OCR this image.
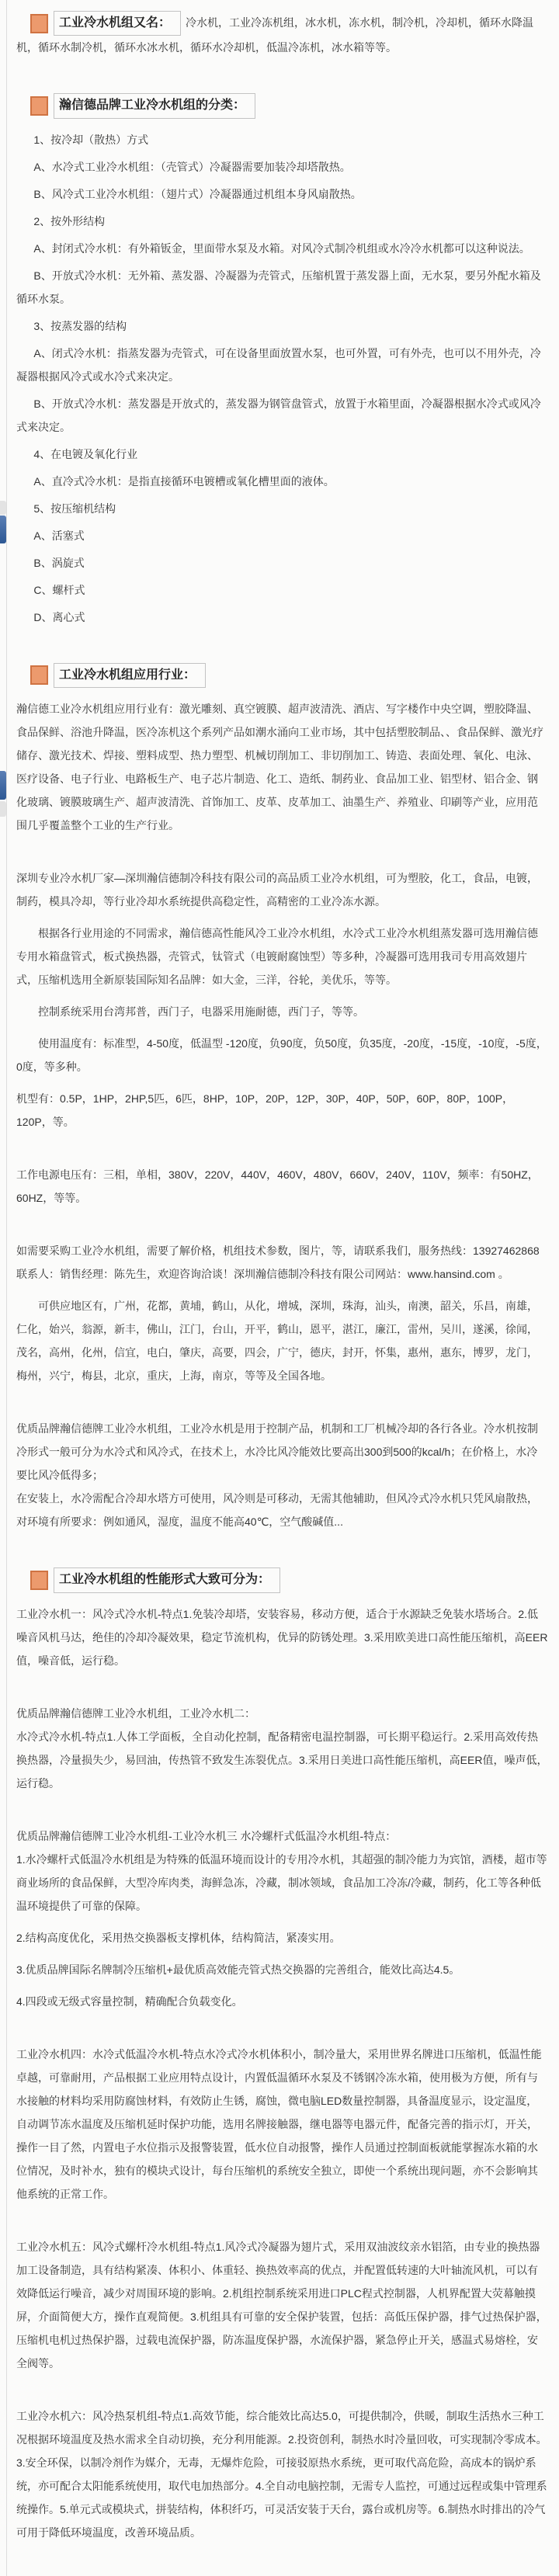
工业冷水机组又名： 冷水机，工业冷冻机组，冰水机，冻水机，制冷机，冷却机，循环水降温机，循环水制冷机，循环水冰水机，循环水冷却机，低温冷冻机，冰水箱等等。
瀚信德品牌工业冷水机组的分类：
1、按冷却（散热）方式
A、水冷式工业冷水机组：（壳管式）冷凝器需要加装冷却塔散热。
B、风冷式工业冷水机组：（翅片式）冷凝器通过机组本身风扇散热。
2、按外形结构
A、封闭式冷水机：有外箱钣金，里面带水泵及水箱。对风冷式制冷机组或水冷冷水机都可以这种说法。
B、开放式冷水机：无外箱、蒸发器、冷凝器为壳管式，压缩机置于蒸发器上面，无水泵，要另外配水箱及循环水泵。
3、按蒸发器的结构
A、闭式冷水机：指蒸发器为壳管式，可在设备里面放置水泵，也可外置，可有外壳，也可以不用外壳，冷凝器根据风冷式或水冷式来决定。
B、开放式冷水机：蒸发器是开放式的，蒸发器为钢管盘管式，放置于水箱里面，冷凝器根据水冷式或风冷式来决定。
4、在电镀及氧化行业
A、直冷式冷水机：是指直接循环电镀槽或氧化槽里面的液体。
5、按压缩机结构
A、活塞式
B、涡旋式
C、螺杆式
D、离心式
工业冷水机组应用行业：

瀚信德工业冷水机组应用行业有：激光雕刻、真空镀膜、超声波清洗、酒店、写字楼作中央空调，塑胶降温、食品保鲜、浴池升降温，医冷冻机这个系列产品如潮水涌向工业市场，其中包括塑胶制品、、食品保鲜、激光疗储存、激光技术、焊接、塑料成型、热力塑型、机械切削加工、非切削加工、铸造、表面处理、氧化、电泳、医疗设备、电子行业、电路板生产、电子芯片制造、化工、造纸、制药业、食品加工业、铝型材、铝合金、钢化玻璃、镀膜玻璃生产、超声波清洗、首饰加工、皮革、皮革加工、油墨生产、养殖业、印刷等产业，应用范围几乎覆盖整个工业的生产行业。

深圳专业冷水机厂家—深圳瀚信德制冷科技有限公司的高品质工业冷水机组，可为塑胶，化工，食品，电镀，制药，模具冷却，等行业冷却水系统提供高稳定性，高精密的工业冷冻水源。

根据各行业用途的不同需求，瀚信德高性能风冷工业冷水机组，水冷式工业冷水机组蒸发器可选用瀚信德专用水箱盘管式，板式换热器，壳管式，钛管式（电镀耐腐蚀型）等多种，冷凝器可选用我司专用高效翅片式，压缩机选用全新原装国际知名品牌：如大金，三洋，谷轮，美优乐，等等。

控制系统采用台湾邦普，西门子，电器采用施耐德，西门子，等等。

使用温度有：标准型，4-50度，低温型 -120度，负90度，负50度，负35度，-20度，-15度，-10度，-5度，0度，等多种。

机型有：0.5P，1HP，2HP,5匹，6匹，8HP，10P，20P，12P，30P，40P，50P，60P，80P，100P，120P，等。

工作电源电压有：三相，单相，380V，220V，440V，460V，480V，660V，240V，110V，频率：有50HZ，60HZ，等等。

如需要采购工业冷水机组，需要了解价格，机组技术参数，图片，等，请联系我们，服务热线：13927462868 联系人：销售经理：陈先生，欢迎咨询洽谈！深圳瀚信德制冷科技有限公司网站：www.hansind.com 。

可供应地区有，广州，花都，黄埔，鹤山，从化，增城，深圳，珠海，汕头，南澳，韶关，乐昌，南雄，仁化，始兴，翁源，新丰，佛山，江门，台山，开平，鹤山，恩平，湛江，廉江，雷州，吴川，遂溪，徐闻，茂名，高州，化州，信宜，电白，肇庆，高要，四会，广宁，德庆，封开，怀集，惠州，惠东，博罗，龙门，梅州，兴宁，梅县，北京，重庆，上海，南京，等等及全国各地。

优质品牌瀚信德牌工业冷水机组，工业冷水机是用于控制产品，机制和工厂机械冷却的各行各业。冷水机按制冷形式一般可分为水冷式和风冷式，在技术上，水冷比风冷能效比要高出300到500的kcal/h；在价格上，水冷要比风冷低得多；

在安装上，水冷需配合冷却水塔方可使用，风冷则是可移动，无需其他辅助，但风冷式冷水机只凭风扇散热，对环境有所要求：例如通风，湿度，温度不能高40℃，空气酸碱值...

工业冷水机组的性能形式大致可分为：

工业冷水机一：风冷式冷水机-特点1.免装冷却塔，安装容易，移动方便，适合于水源缺乏免装水塔场合。2.低噪音风机马达，绝佳的冷却冷凝效果，稳定节流机构，优异的防锈处理。3.采用欧美进口高性能压缩机，高EER值，噪音低，运行稳。

优质品牌瀚信德牌工业冷水机组，工业冷水机二：

水冷式冷水机-特点1.人体工学面板，全自动化控制，配备精密电温控制器，可长期平稳运行。2.采用高效传热换热器，冷量损失少，易回油，传热管不致发生冻裂优点。3.采用日美进口高性能压缩机，高EER值，噪声低，运行稳。

优质品牌瀚信德牌工业冷水机组-工业冷水机三 水冷螺杆式低温冷水机组-特点：

1.水冷螺杆式低温冷水机组是为特殊的低温环境而设计的专用冷水机，其超强的制冷能力为宾馆，酒楼，超市等商业场所的食品保鲜，大型冷库肉类，海鲜急冻，冷藏，制冰领域，食品加工冷冻/冷藏，制药，化工等各种低温环境提供了可靠的保障。

2.结构高度优化，采用热交换器板支撑机体，结构简洁，紧凑实用。

3.优质品牌国际名牌制冷压缩机+最优质高效能壳管式热交换器的完善组合，能效比高达4.5。

4.四段或无级式容量控制，精确配合负载变化。

工业冷水机四：水冷式低温冷水机-特点水冷式冷水机体积小，制冷量大，采用世界名牌进口压缩机，低温性能卓越，可靠耐用，产品根据工业应用特点设计，内置低温循环水泵及不锈钢冷冻水箱，使用极为方便，所有与水接触的材料均采用防腐蚀材料，有效防止生锈，腐蚀，微电脑LED数量控制器，具备温度显示，设定温度，自动调节冻水温度及压缩机延时保护功能，选用名牌接触器，继电器等电器元件，配备完善的指示灯，开关，操作一目了然，内置电子水位指示及报警装置，低水位自动报警，操作人员通过控制面板就能掌握冻水箱的水位情况，及时补水，独有的模块式设计，每台压缩机的系统安全独立，即使一个系统出现问题，亦不会影响其他系统的正常工作。

工业冷水机五：风冷式螺杆冷水机组-特点1.风冷式冷凝器为翅片式，采用双油波纹亲水铝箔，由专业的换热器加工设备制造，具有结构紧凑、体积小、体重轻、换热效率高的优点，并配置低转速的大叶轴流风机，可以有效降低运行噪音，减少对周围环境的影响。2.机组控制系统采用进口PLC程式控制器，人机界配置大荧幕触摸屏，介面简便大方，操作直观简便。3.机组具有可靠的安全保护装置，包括：高低压保护器，排气过热保护器，压缩机电机过热保护器，过载电流保护器，防冻温度保护器，水流保护器，紧急停止开关，感温式易熔栓，安全阀等。

工业冷水机六：风冷热泵机组-特点1.高效节能，综合能效比高达5.0，可提供制冷，供暖，制取生活热水三种工况根据环境温度及热水需求全自动切换，充分利用能源。2.投资创利，制热水时冷量回收，可实现制冷零成本。3.安全环保，以制冷剂作为媒介，无毒，无爆炸危险，可接驳原热水系统，更可取代高危险，高成本的锅炉系统，亦可配合太阳能系统使用，取代电加热部分。4.全自动电脑控制，无需专人监控，可通过远程或集中管理系统操作。5.单元式或模块式，拼装结构，体积纤巧，可灵活安装于天台，露台或机房等。6.制热水时排出的冷气可用于降低环境温度，改善环境品质。
